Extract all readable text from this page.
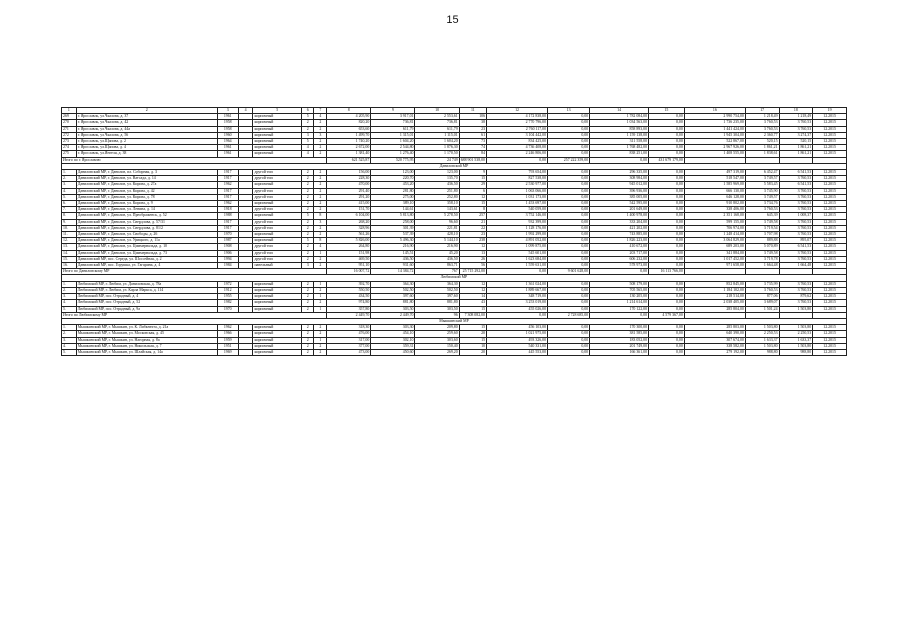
15
1	2	3	4	5	6	7	8	9	10	11	12	13	14	15	16	17	18	19
269	г. Ярославль, ул.Чкалова, д. 37	1961		кирпичный	5	4	4 205,90	3 917,01	2 553,61	106	4 172 838,00	0,00	1 782 084,00	0,00	2 990 754,00	1 218,49	1 218,49	12.2015
270	г. Ярославль, ул.Чкалова, д. 42	1958		кирпичный	2	2	820,20	736,81	736,81	38	2 770 796,00	0,00	1 034 563,00	0,00	1 736 235,00	3 760,53	3 760,53	12.2015
271	г. Ярославль, ул.Чкалова, д. 44а	1958		кирпичный	2	2	653,60	611,79	611,79	23	2 760 117,00	0,00	858 893,00	0,00	1 441 424,00	3 760,53	3 760,53	12.2015
272	г. Ярославль, ул.Чкалова, д. 56	1960		кирпичный	3	3	1 499,70	1 315,01	1 115,01	61	3 104 442,00	0,00	1 159 138,00	0,00	1 945 304,00	2 360,77	3 274,37	12.2015
273	г. Ярославль, ул.Щапова, д. 2	1964		кирпичный	5	2	1 740,20	1 604,20	1 604,20	73	834 425,00	0,00	311 558,00	0,00	522 867,00	520,15	520,15	12.2015
274	г. Ярославль, ул.Щапова, д. 4	1961		кирпичный	4	2	2 672,00	2 544,80	1 876,30	74	4 736 408,00	0,00	1 768 482,00	0,00	2 967 926,00	1 861,21	1 861,21	12.2015
275	г. Ярославль, ул.Янгеля, д. 38	1961		кирпичный	4	2	1 381,40	1 276,40	1 170,50	84	2 246 806,00	0,00	838 251,00	0,00	1 408 555,00	1 838,61	1 861,21	12.2015
Итого по г. Ярославлю							621 525,87	520 775,95	24 749	688 901 538,00	0,00	257 222 359,00	0,00	431 679 179,00				
Даниловский МР																		
1.	Даниловский МР, г. Данилов, пл. Соборная, д. 3	1917		другой тип	2	2	156,00	123,00	123,00	9	793 654,00	0,00	296 335,00	0,00	497 319,00	6 452,47	6 541,53	12.2015
2.	Даниловский МР, г. Данилов, ул. Ватсада, д. 14	1917		другой тип	2	2	228,30	220,70	135,70	15	827 538,00	0,00	308 984,00	0,00	518 547,00	3 749,57	3 760,53	12.2015
3.	Даниловский МР, г. Данилов, ул. Кирова, д. 27а	1962		кирпичный	2	2	470,00	453,20	436,50	29	2 530 977,00	0,00	945 012,00	0,00	1 585 969,00	5 583,45	6 541,53	12.2015
4.	Даниловский МР, г. Данилов, ул. Кирова, д. 42	1917		другой тип	2	2	291,40	281,80	251,80	6	1 063 066,00	0,00	396 936,00	0,00	666 130,00	3 745,90	3 760,53	12.2015
5.	Даниловский МР, г. Данилов, ул. Кирова, д. 78	1917		другой тип	2	2	291,20	275,00	252,80	12	1 031 173,00	0,00	385 005,00	0,00	646 128,00	3 749,57	3 760,53	12.2015
6.	Даниловский МР, г. Данилов, ул. Кирова, д. 9	1962		кирпичный	2	2	415,00	389,10	358,10	15	1 453 697,00	0,00	542 595,00	0,00	910 802,00	3 734,76	3 760,53	12.2015
7.	Даниловский МР, г. Данилов, ул. Ленина, д. 14	1918		другой тип	2	2	151,70	144,61	143,61	8	540 059,00	0,00	201 649,00	0,00	338 406,00	3 760,53	3 760,53	12.2015
8.	Даниловский МР, г. Данилов, ул. Преображенск, д. 52	1988		кирпичный	5	8	6 104,00	5 813,80	5 278,50	257	3 752 146,00	0,00	1 400 978,00	0,00	2 351 168,00	645,39	1 008,37	12.2015
9.	Даниловский МР, г. Данилов, ул. Свердлова, д. 57/31	1917		другой тип	2	3	268,20	258,00	96,60	21	932 399,00	0,00	333 204,00	0,00	599 155,00	3 749,58	3 760,53	12.2015
10.	Даниловский МР, г. Данилов, ул. Свердлова, д. 81/2	1917		другой тип	2	2	328,96	301,39	221,81	22	1 128 176,00	0,00	421 202,00	0,00	706 974,00	3 719,54	3 760,53	12.2015
11.	Даниловский МР, г. Данилов, ул. Свободы, д. 26	1970		кирпичный	2	2	561,26	537,39	428,10	23	1 992 299,00	0,00	743 885,00	0,00	1 248 414,00	3 707,98	3 760,53	12.2015
12.	Даниловский МР, г. Данилов, ул. Урицкого, д. 11а	1987		кирпичный	5	8	5 826,00	5 496,30	5 144,10	238	4 891 052,00	0,00	1 826 223,00	0,00	3 064 829,00	889,88	895,07	12.2015
13.	Даниловский МР, г. Данилов, ул. Циммервальда, д. 10	1908		другой тип	2	4	264,80	216,90	216,90	12	1 099 875,00	0,00	410 672,00	0,00	689 203,00	5 070,89	6 541,53	12.2015
14.	Даниловский МР, г. Данилов, ул. Циммервальда, д. 73	1906		другой тип	2	1	151,98	145,51	45,20	13	545 601,00	0,00	203 717,00	0,00	341 884,00	3 749,58	3 760,53	12.2015
15.	Даниловский МР, пос. Середа, ул. Шоссейная, д. 2	1994		другой тип	2	2	469,50	436,50	436,50	26	1 623 684,00	0,00	606 232,00	0,00	1 017 452,00	3 719,78	3 760,53	12.2015
16.	Даниловский МР, пос. Горушка, ул. Гагарина, д. 4	1984		панельный	3	2	951,10	931,60	863,71	56	1 559 631,00	0,00	578 973,00	0,00	971 658,00	1 664,48	1 664,48	12.2015
Итого по Даниловскому МР							16 007,72	14 384,72	767	25 715 292,00	0,00	9 601 628,00	0,00	16 113 766,00				
Любимский МР																		
1.	Любимский МР, г. Любим, ул. Даниловская, д. 78а	1972		кирпичный	2	1	392,70	364,30	364,30	12	1 361 024,00	0,00	508 179,00	0,00	852 845,00	3 735,99	3 760,53	12.2015
2.	Любимский МР, г. Любим, ул. Карла Маркса, д. 114	1912		кирпичный	2	2	550,50	502,50	502,50	12	1 889 667,00	0,00	705 565,00	0,00	1 184 102,00	3 760,53	3 760,53	12.2015
3.	Любимский МР, пос. Отрадный, д. 4	1955		кирпичный	2	1	434,50	397,60	397,60	14	348 719,00	0,00	130 205,00	0,00	218 514,00	877,06	879,62	12.2015
4.	Любимский МР, пос. Отрадный, д. 52	1982		кирпичный	2	2	974,80	881,80	881,80	43	3 253 019,00	0,00	1 214 614,00	0,00	2 038 405,00	3 689,07	3 760,53	12.2015
5.	Любимский МР, пос. Отрадный, д. 9а	1970		кирпичный	2	1	357,80	303,50	303,50	15	455 026,00	0,00	170 122,00	0,00	285 804,00	1 501,24	1 503,80	12.2015
Итого по Любимскому МР							2 449,70	2 449,70	96	7 308 082,00	0,00	2 728 685,00	0,00	4 579 367,00				
Мышкинский МР																		
1.	Мышкинский МР, г. Мышкин, ул. К. Либкнехта, д. 21а	1962		кирпичный	2	2	318,30	303,30	209,80	15	456 103,00	0,00	170 300,00	0,00	285 803,00	1 503,80	1 503,80	12.2015
2.	Мышкинский МР, г. Мышкин, ул. Московская, д. 45	1966		кирпичный	2	2	476,00	454,10	259,60	20	1 021 975,00	0,00	381 585,00	0,00	640 390,00	2 250,53	2 250,53	12.2015
3.	Мышкинский МР, г. Мышкин, ул. Нагорная, д. 8а	1959		кирпичный	2	1	317,00	302,10	303,60	15	493 326,00	0,00	183 052,00	0,00	307 674,00	1 633,37	1 633,37	12.2015
4.	Мышкинский МР, г. Мышкин, ул. Никольская, д. 7	1951		кирпичный	2	2	377,00	359,31	150,40	10	540 331,00	0,00	201 749,00	0,00	338 582,00	1 503,80	1 503,80	12.2015
5.	Мышкинский МР, г. Мышкин, ул. Шлайская, д. 14а	1969		кирпичный	2	2	473,00	450,60	269,20	20	445 553,00	0,00	166 361,00	0,00	279 192,00	988,80	988,80	12.2015
